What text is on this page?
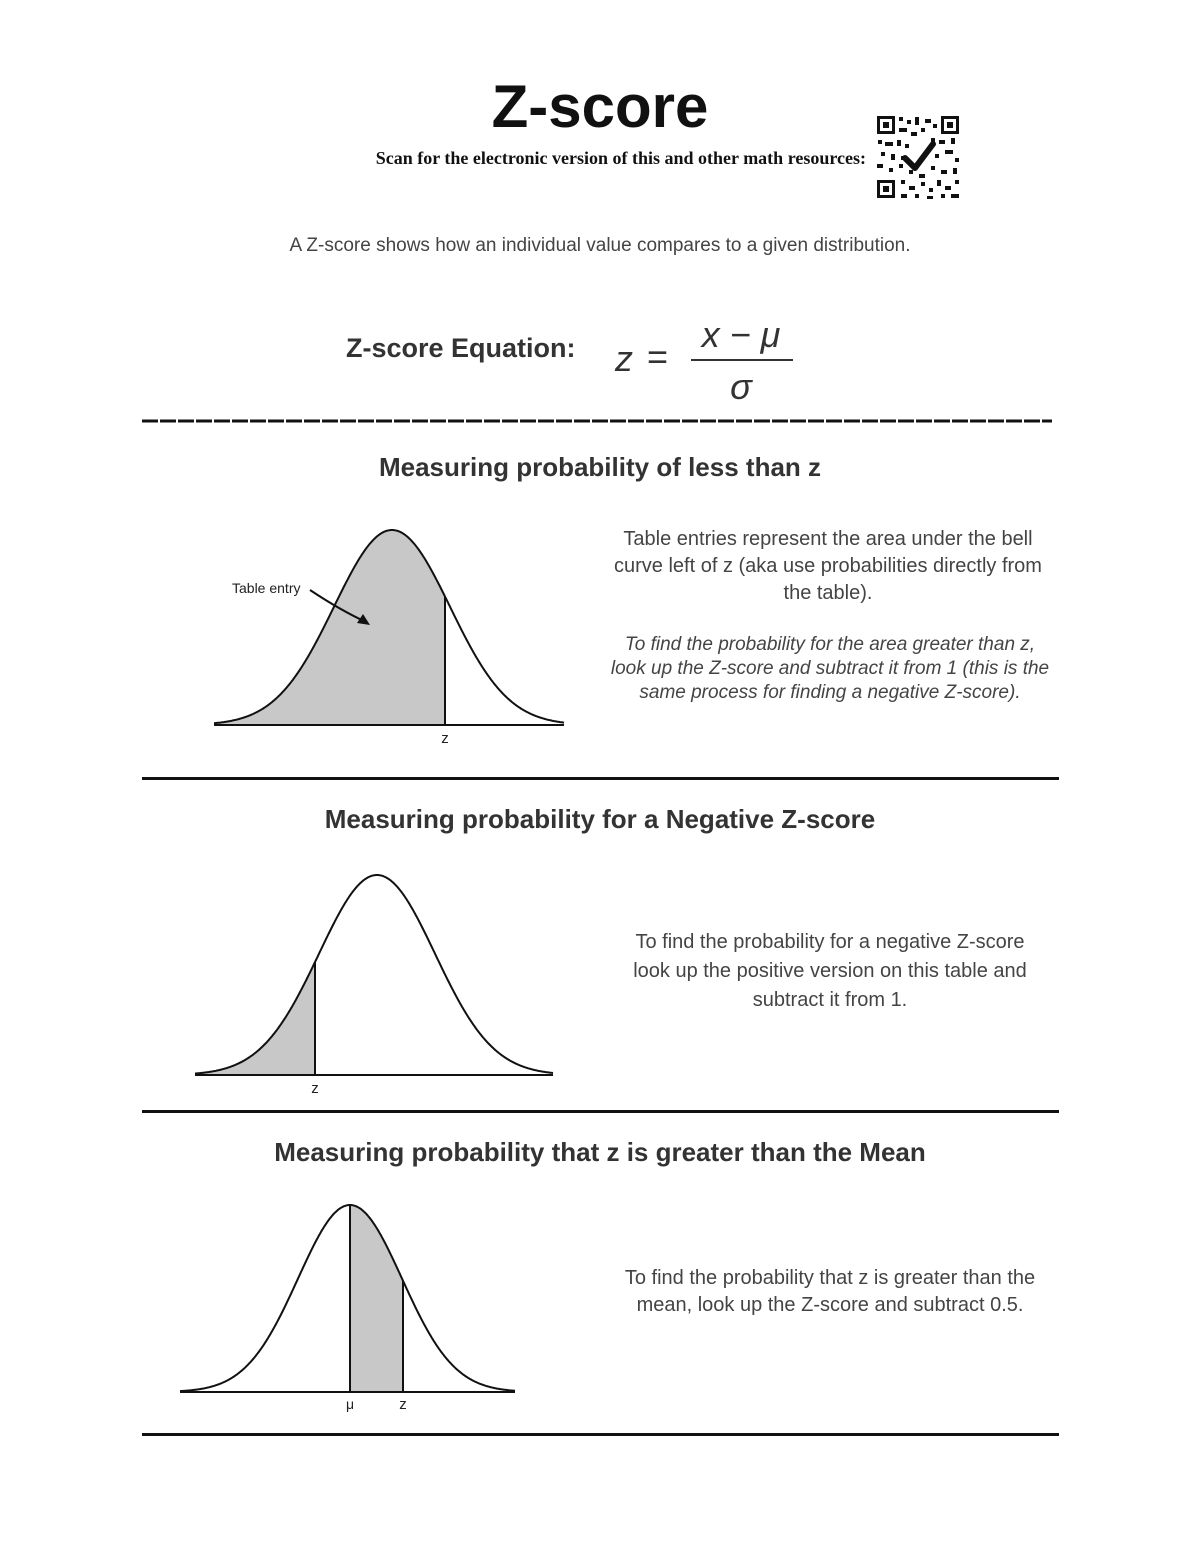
Z-score
Scan for the electronic version of this and other math resources:
A Z-score shows how an individual value compares to a given distribution.
Z-score Equation: z =
x − μ
σ
Measuring probability of less than z
z
Table entry
Table entries represent the area under the bell curve left of z (aka use probabilities directly from the table).
To find the probability for the area greater than z, look up the Z-score and subtract it from 1 (this is the same process for finding a negative Z-score).
Measuring probability for a Negative Z-score
z
To find the probability for a negative Z-score look up the positive version on this table and subtract it from 1.
Measuring probability that z is greater than the Mean
μ	z
To find the probability that z is greater than the mean, look up the Z-score and subtract 0.5.
